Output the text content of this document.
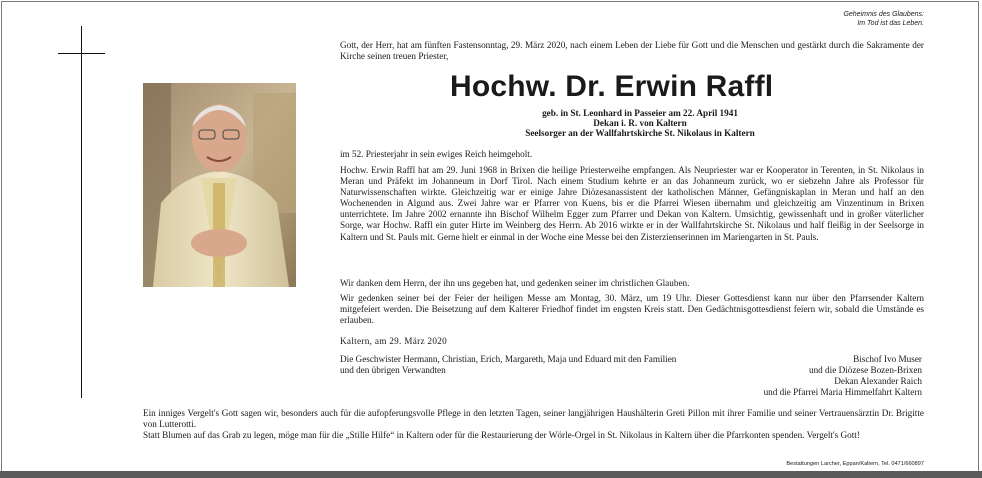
Geheimnis des Glaubens:
Im Tod ist das Leben.

Gott, der Herr, hat am fünften Fastensonntag, 29. März 2020, nach einem Leben der Liebe für Gott und die Menschen und gestärkt durch die Sakramente der Kirche seinen treuen Priester,

Hochw. Dr. Erwin Raffl
geb. in St. Leonhard in Passeier am 22. April 1941
Dekan i. R. von Kaltern
Seelsorger an der Wallfahrtskirche St. Nikolaus in Kaltern

im 52. Priesterjahr in sein ewiges Reich heimgeholt.

Hochw. Erwin Raffl hat am 29. Juni 1968 in Brixen die heilige Priesterweihe empfangen. Als Neupriester war er Kooperator in Terenten, in St. Nikolaus in Meran und Präfekt im Johanneum in Dorf Tirol. Nach einem Studium kehrte er an das Johanneum zurück, wo er siebzehn Jahre als Professor für Naturwissenschaften wirkte. Gleichzeitig war er einige Jahre Diözesanassistent der katholischen Männer, Gefängniskaplan in Meran und half an den Wochenenden in Algund aus. Zwei Jahre war er Pfarrer von Kuens, bis er die Pfarrei Wiesen übernahm und gleichzeitig am Vinzentinum in Brixen unterrichtete. Im Jahre 2002 ernannte ihn Bischof Wilhelm Egger zum Pfarrer und Dekan von Kaltern. Umsichtig, gewissenhaft und in großer väterlicher Sorge, war Hochw. Raffl ein guter Hirte im Weinberg des Herrn. Ab 2016 wirkte er in der Wallfahrtskirche St. Nikolaus und half fleißig in der Seelsorge in Kaltern und St. Pauls mit. Gerne hielt er einmal in der Woche eine Messe bei den Zisterzienserinnen im Mariengarten in St. Pauls.

Wir danken dem Herrn, der ihn uns gegeben hat, und gedenken seiner im christlichen Glauben.

Wir gedenken seiner bei der Feier der heiligen Messe am Montag, 30. März, um 19 Uhr. Dieser Gottesdienst kann nur über den Pfarrsender Kaltern mitgefeiert werden. Die Beisetzung auf dem Kalterer Friedhof findet im engsten Kreis statt. Den Gedächtnisgottesdienst feiern wir, sobald die Umstände es erlauben.

Kaltern, am 29. März 2020

Die Geschwister Hermann, Christian, Erich, Margareth, Maja und Eduard mit den Familien
und den übrigen Verwandten
Bischof Ivo Muser
und die Diözese Bozen-Brixen
Dekan Alexander Raich
und die Pfarrei Maria Himmelfahrt Kaltern

Ein inniges Vergelt's Gott sagen wir, besonders auch für die aufopferungsvolle Pflege in den letzten Tagen, seiner langjährigen Haushälterin Greti Pillon mit ihrer Familie und seiner Vertrauensärztin Dr. Brigitte von Lutterotti.

Statt Blumen auf das Grab zu legen, möge man für die „Stille Hilfe“ in Kaltern oder für die Restaurierung der Wörle-Orgel in St. Nikolaus in Kaltern über die Pfarrkonten spenden. Vergelt's Gott!

Bestattungen Larcher, Eppan/Kaltern, Tel. 0471/660897
